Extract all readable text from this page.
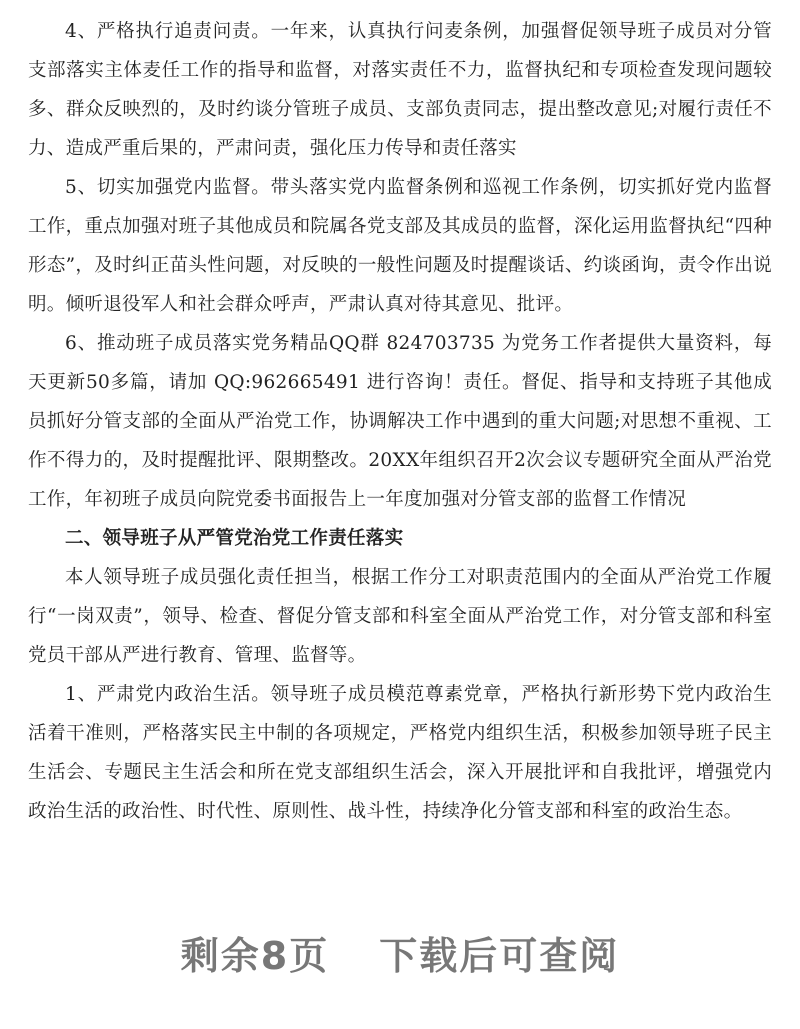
4、严格执行追责问责。一年来，认真执行问麦条例，加强督促领导班子成员对分管支部落实主体麦任工作的指导和监督，对落实责任不力，监督执纪和专项检查发现问题较多、群众反映烈的，及时约谈分管班子成员、支部负责同志，提出整改意见;对履行责任不力、造成严重后果的，严肃问责，强化压力传导和责任落实

5、切实加强党内监督。带头落实党内监督条例和巡视工作条例，切实抓好党内监督工作，重点加强对班子其他成员和院属各党支部及其成员的监督，深化运用监督执纪“四种形态”，及时纠正苗头性问题，对反映的一般性问题及时提醒谈话、约谈函询，责令作出说明。倾听退役军人和社会群众呼声，严肃认真对待其意见、批评。

6、推动班子成员落实党务精品QQ群 824703735 为党务工作者提供大量资料，每天更新50多篇，请加 QQ:962665491 进行咨询！责任。督促、指导和支持班子其他成员抓好分管支部的全面从严治党工作，协调解决工作中遇到的重大问题;对思想不重视、工作不得力的，及时提醒批评、限期整改。20XX年组织召开2次会议专题研究全面从严治党工作，年初班子成员向院党委书面报告上一年度加强对分管支部的监督工作情况

二、领导班子从严管党治党工作责任落实

本人领导班子成员强化责任担当，根据工作分工对职责范围内的全面从严治党工作履行“一岗双责”，领导、检查、督促分管支部和科室全面从严治党工作，对分管支部和科室党员干部从严进行教育、管理、监督等。

1、严肃党内政治生活。领导班子成员模范尊素党章，严格执行新形势下党内政治生活着干准则，严格落实民主中制的各项规定，严格党内组织生活，积极参加领导班子民主生活会、专题民主生活会和所在党支部组织生活会，深入开展批评和自我批评，增强党内政治生活的政治性、时代性、原则性、战斗性，持续净化分管支部和科室的政治生态。

剩余8页 下载后可查阅
